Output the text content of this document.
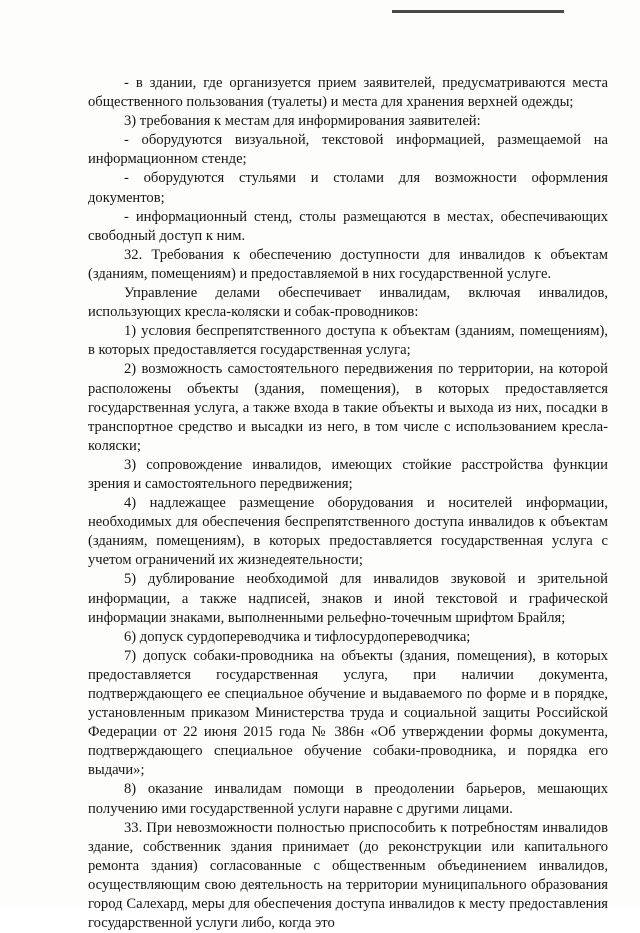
- в здании, где организуется прием заявителей, предусматриваются места общественного пользования (туалеты) и места для хранения верхней одежды;

3) требования к местам для информирования заявителей:

- оборудуются визуальной, текстовой информацией, размещаемой на информационном стенде;

- оборудуются стульями и столами для возможности оформления документов;

- информационный стенд, столы размещаются в местах, обеспечивающих свободный доступ к ним.

32. Требования к обеспечению доступности для инвалидов к объектам (зданиям, помещениям) и предоставляемой в них государственной услуге.

Управление делами обеспечивает инвалидам, включая инвалидов, использующих кресла-коляски и собак-проводников:

1) условия беспрепятственного доступа к объектам (зданиям, помещениям), в которых предоставляется государственная услуга;

2) возможность самостоятельного передвижения по территории, на которой расположены объекты (здания, помещения), в которых предоставляется государственная услуга, а также входа в такие объекты и выхода из них, посадки в транспортное средство и высадки из него, в том числе с использованием кресла-коляски;

3) сопровождение инвалидов, имеющих стойкие расстройства функции зрения и самостоятельного передвижения;

4) надлежащее размещение оборудования и носителей информации, необходимых для обеспечения беспрепятственного доступа инвалидов к объектам (зданиям, помещениям), в которых предоставляется государственная услуга с учетом ограничений их жизнедеятельности;

5) дублирование необходимой для инвалидов звуковой и зрительной информации, а также надписей, знаков и иной текстовой и графической информации знаками, выполненными рельефно-точечным шрифтом Брайля;

6) допуск сурдопереводчика и тифлосурдопереводчика;

7) допуск собаки-проводника на объекты (здания, помещения), в которых предоставляется государственная услуга, при наличии документа, подтверждающего ее специальное обучение и выдаваемого по форме и в порядке, установленным приказом Министерства труда и социальной защиты Российской Федерации от 22 июня 2015 года № 386н «Об утверждении формы документа, подтверждающего специальное обучение собаки-проводника, и порядка его выдачи»;

8) оказание инвалидам помощи в преодолении барьеров, мешающих получению ими государственной услуги наравне с другими лицами.

33. При невозможности полностью приспособить к потребностям инвалидов здание, собственник здания принимает (до реконструкции или капитального ремонта здания) согласованные с общественным объединением инвалидов, осуществляющим свою деятельность на территории муниципального образования город Салехард, меры для обеспечения доступа инвалидов к месту предоставления государственной услуги либо, когда это
